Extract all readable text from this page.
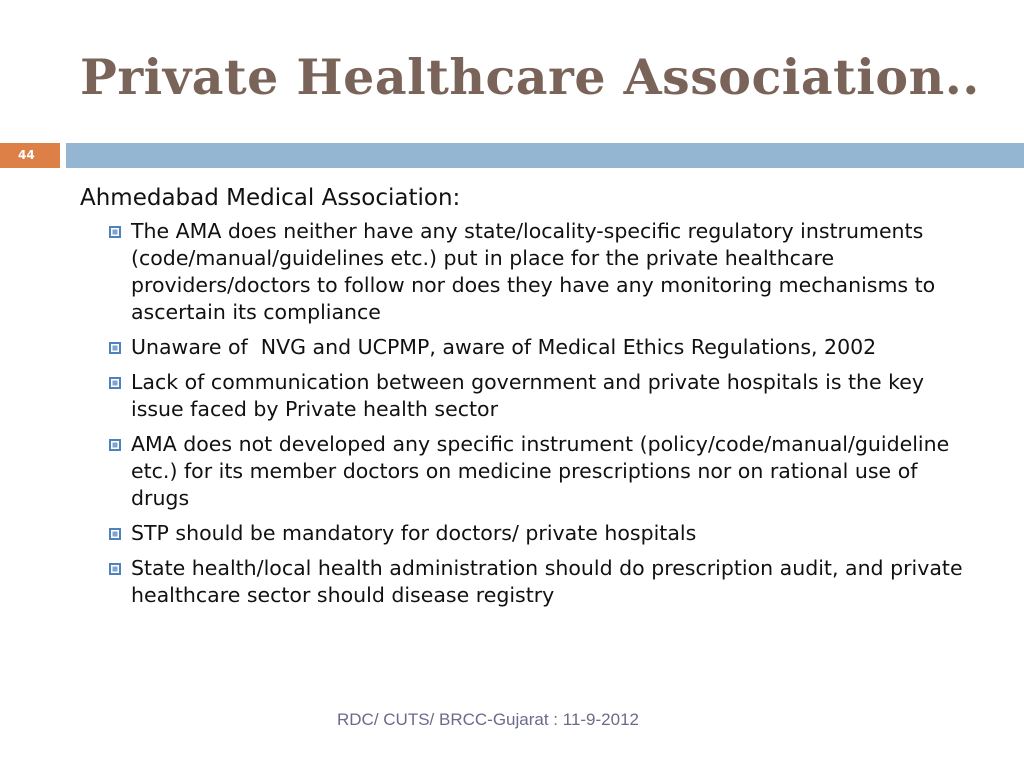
Private Healthcare Association..
44
Ahmedabad Medical Association:
The AMA does neither have any state/locality-specific regulatory instruments (code/manual/guidelines etc.) put in place for the private healthcare providers/doctors to follow nor does they have any monitoring mechanisms to ascertain its compliance
Unaware of  NVG and UCPMP, aware of Medical Ethics Regulations, 2002
Lack of communication between government and private hospitals is the key issue faced by Private health sector
AMA does not developed any specific instrument (policy/code/manual/guideline etc.) for its member doctors on medicine prescriptions nor on rational use of drugs
STP should be mandatory for doctors/ private hospitals
State health/local health administration should do prescription audit, and private healthcare sector should disease registry
RDC/ CUTS/ BRCC-Gujarat : 11-9-2012
